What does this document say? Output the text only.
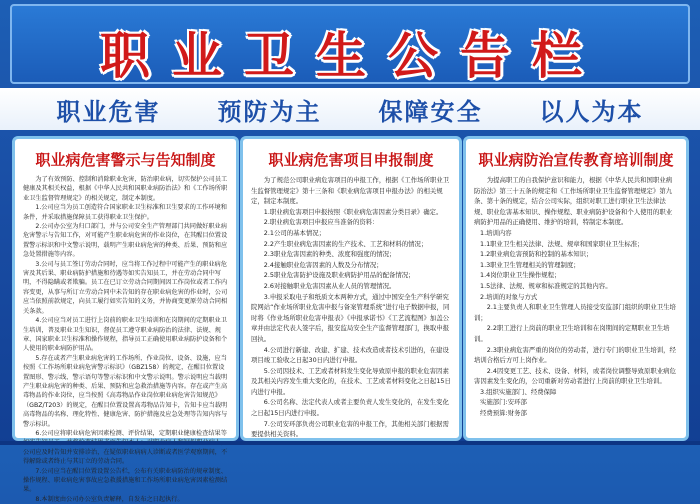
职业卫生公告栏
职业危害 预防为主 保障安全 以人为本
职业病危害警示与告知制度

为了有效预防、控制和消除职业危害，防治职业病，切实保护公司员工健康及其相关权益，根据《中华人民共和国职业病防治法》和《工作场所职业卫生监督管理规定》的相关规定，制定本制度。

1.公司应当为员工创造符合国家职业卫生标准和卫生要求的工作环境和条件，并采取措施保障员工获得职业卫生保护。

2.公司办公室为归口部门，并与公司安全生产管理部门共同做好职业病危害警示与告知工作，对可能产生职业病危害的作业岗位，在其醒目位置设置警示标识和中文警示说明，载明产生职业病危害的种类、后果、预防和应急处置措施等内容。

3.公司与员工签订劳动合同时，应当将工作过程中可能产生的职业病危害及其后果、职业病防护措施和待遇等如实告知员工，并在劳动合同中写明，不得隐瞒或者欺骗。员工在已订立劳动合同期间因工作岗位或者工作内容变更，从事与所订立劳动合同中未告知的存在职业病危害的作业时，公司应当依照前款规定，向员工履行如实告知的义务，并协商变更原劳动合同相关条款。

4.公司应当对员工进行上岗前的职业卫生培训和在岗期间的定期职业卫生培训，普及职业卫生知识，督促员工遵守职业病防治的法律、法规、规章、国家职业卫生标准和操作规程，指导员工正确使用职业病防护设备和个人使用的职业病防护用品。

5.存在或者产生职业病危害的工作场所、作业岗位、设备、设施，应当按照《工作场所职业病危害警示标识》（GBZ158）的规定，在醒目位置设置图形、警示线、警示语句等警示标识和中文警示说明。警示说明应当载明产生职业病危害的种类、后果、预防和应急救治措施等内容。存在或产生高毒物品的作业岗位，应当按照《高毒物品作业岗位职业病危害告知规范》（GBZ/T203）的规定，在醒目位置设置高毒物品告知卡，告知卡应当载明高毒物品的名称、理化特性、健康危害、防护措施及应急处理等告知内容与警示标识。

6.公司应将职业病危害因素检测、评价结果，定期职业健康检查结果等 公司应及时告知并安排诊治，在疑似职业病病人诊断或者医学观察期间，不得解除或者终止与其订立的劳动合同。

7.公司应当在醒目位置设置公告栏，公布有关职业病防治的规章制度、操作规程、职业病危害事故应急救援措施和工作场所职业病危害因素检测结果。

8.本制度由公司办公室负责解释，自发布之日起执行。

职业病危害项目申报制度

为了规范公司职业病危害项目的申报工作，根据《工作场所职业卫生监督管理规定》第十三条和《职业病危害项目申报办法》的相关规定，制定本制度。

1.职业病危害项目申报按照《职业病危害因素分类目录》确定。

2.职业病危害项目申报应当准备的资料：

2.1公司的基本情况；

2.2产生职业病危害因素的生产技术、工艺和材料的情况；

2.3职业危害因素的种类、浓度和强度的情况；

2.4接触职业危害因素的人数及分布情况；

2.5职业危害防护设施及职业病防护用品的配备情况；

2.6对接触职业危害因素从业人员的管理情况。

3.申报采取电子和纸质文本两种方式，通过中国安全生产科学研究院网站“作业场所职业危害申报与备案管理系统”进行电子数据申报，同时将《作业场所职业危害申报表》《申报承诺书》《工艺流程图》加盖公章并由法定代表人签字后，报安监局安全生产监督管理部门，换取申报回执。

4.公司进行新建、改建、扩建、技术改造或者技术引进的，在建设项目竣工验收之日起30日内进行申报。

5.公司因技术、工艺或者材料发生变化导致原申报的职业危害因素及其相关内容发生重大变化的，在技术、工艺或者材料变化之日起15日内进行申报。

6.公司名称、法定代表人或者主要负责人发生变化的，在发生变化之日起15日内进行申报。

7.公司安环部负责公司职业危害的申报工作，其他相关部门根据需要提供相关资料。

职业病防治宣传教育培训制度

为提高职工的自我保护意识和能力，根据《中华人民共和国职业病防治法》第三十五条的规定和《工作场所职业卫生监督管理规定》第九条、第十条的规定，结合公司实际，组织对职工进行职业卫生法律法规、职业危害基本知识、操作规程、职业病防护设备和个人使用的职业病防护用品的正确使用、维护的培训，特制定本制度。

1.培训内容

1.1职业卫生相关法律、法规、规章和国家职业卫生标准；

1.2职业病危害预防和控制的基本知识；

1.3职业卫生管理相关的管理制度；

1.4岗位职业卫生操作规程；

1.5法律、法规、规章和标准规定的其他内容。

2.培训的对象与方式

2.1主要负责人和职业卫生管理人员接受安监部门组织的职业卫生培训；

2.2职工进行上岗前的职业卫生培训和在岗期间的定期职业卫生培训。

2.3职业病危害严重的岗位的劳动者，进行专门的职业卫生培训，经培训合格后方可上岗作业。

2.4因变更工艺、技术、设备、材料，或者岗位调整导致原职业病危害因素发生变化的，公司重新对劳动者进行上岗前的职业卫生培训。

3.组织实施部门、经费保障

实施部门:安环部

经费预算:财务部
